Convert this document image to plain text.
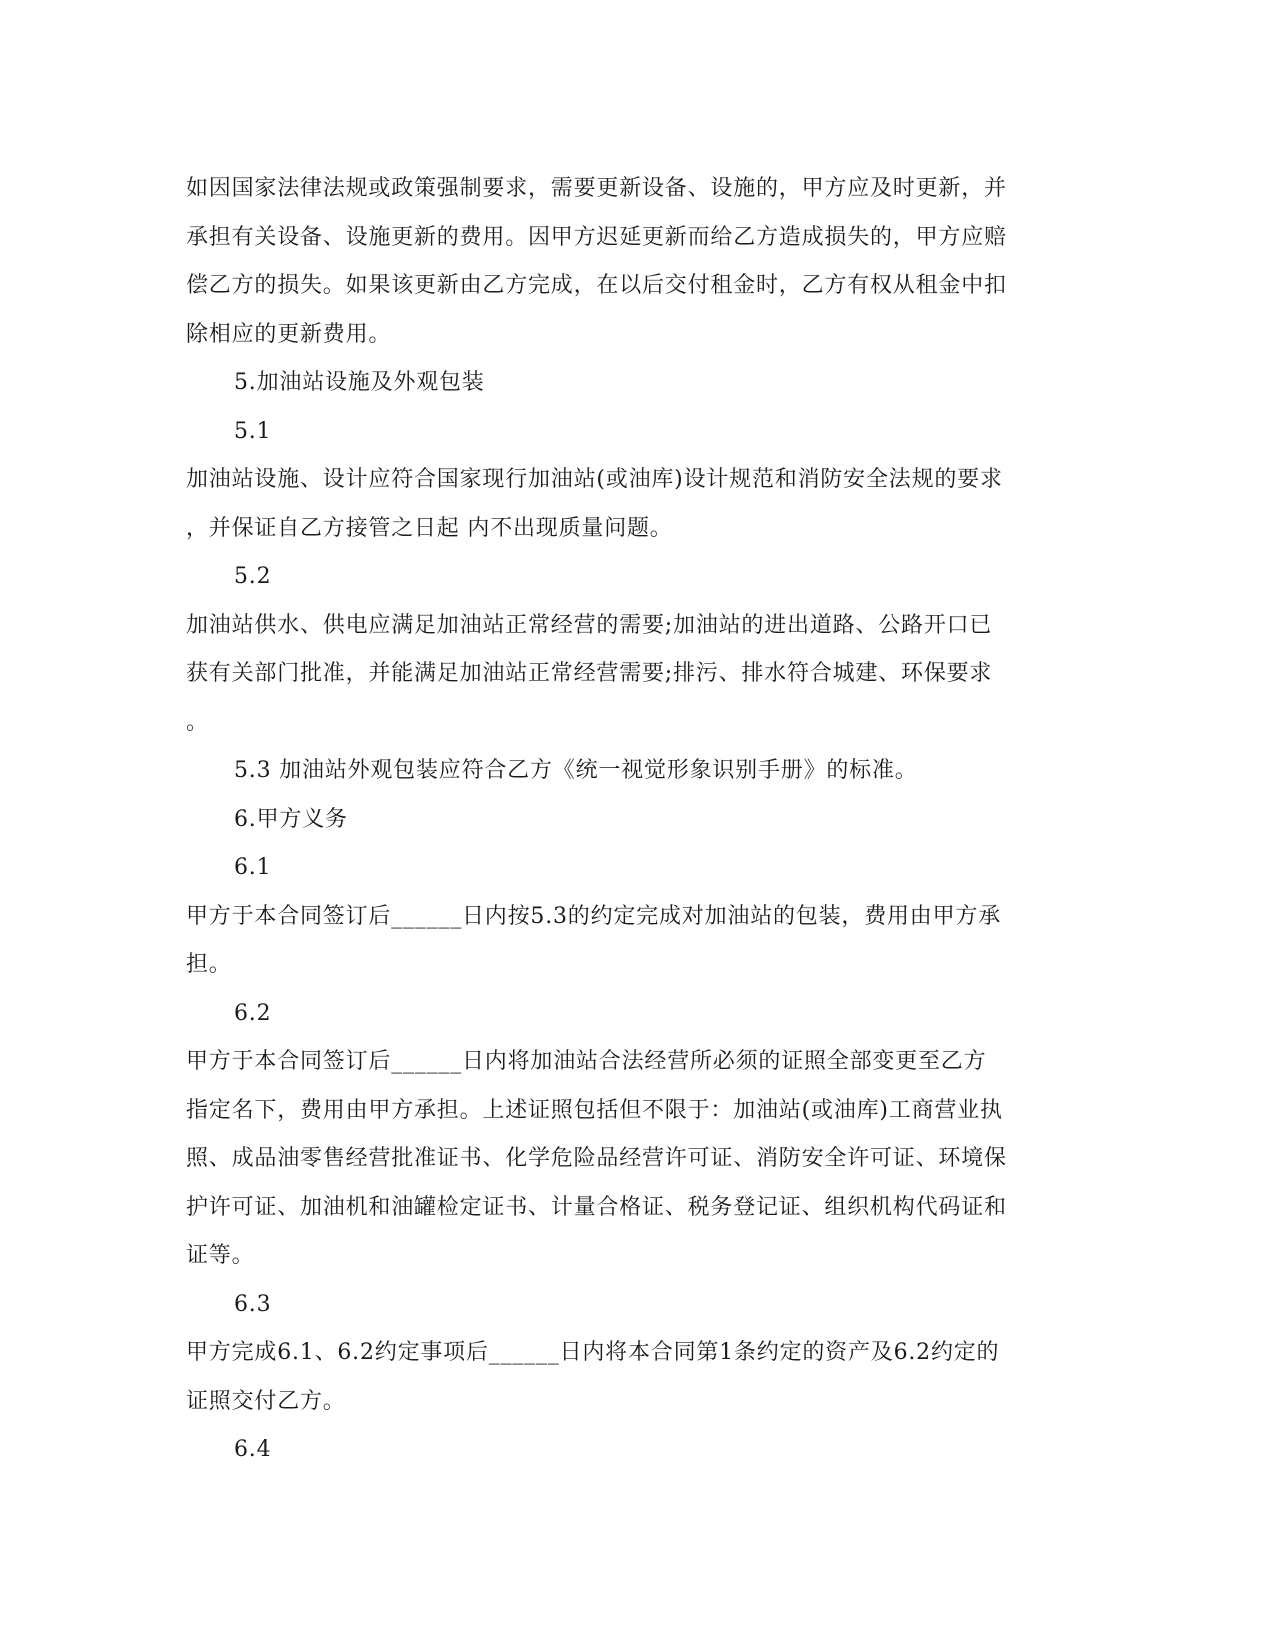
如因国家法律法规或政策强制要求，需要更新设备、设施的，甲方应及时更新，并
承担有关设备、设施更新的费用。因甲方迟延更新而给乙方造成损失的，甲方应赔
偿乙方的损失。如果该更新由乙方完成，在以后交付租金时，乙方有权从租金中扣
除相应的更新费用。
5.加油站设施及外观包装
5.1
加油站设施、设计应符合国家现行加油站(或油库)设计规范和消防安全法规的要求
，并保证自乙方接管之日起 内不出现质量问题。
5.2
加油站供水、供电应满足加油站正常经营的需要;加油站的进出道路、公路开口已
获有关部门批准，并能满足加油站正常经营需要;排污、排水符合城建、环保要求
。
5.3 加油站外观包装应符合乙方《统一视觉形象识别手册》的标准。
6.甲方义务
6.1
甲方于本合同签订后______日内按5.3的约定完成对加油站的包装，费用由甲方承
担。
6.2
甲方于本合同签订后______日内将加油站合法经营所必须的证照全部变更至乙方
指定名下，费用由甲方承担。上述证照包括但不限于：加油站(或油库)工商营业执
照、成品油零售经营批准证书、化学危险品经营许可证、消防安全许可证、环境保
护许可证、加油机和油罐检定证书、计量合格证、税务登记证、组织机构代码证和
证等。
6.3
甲方完成6.1、6.2约定事项后______日内将本合同第1条约定的资产及6.2约定的
证照交付乙方。
6.4
